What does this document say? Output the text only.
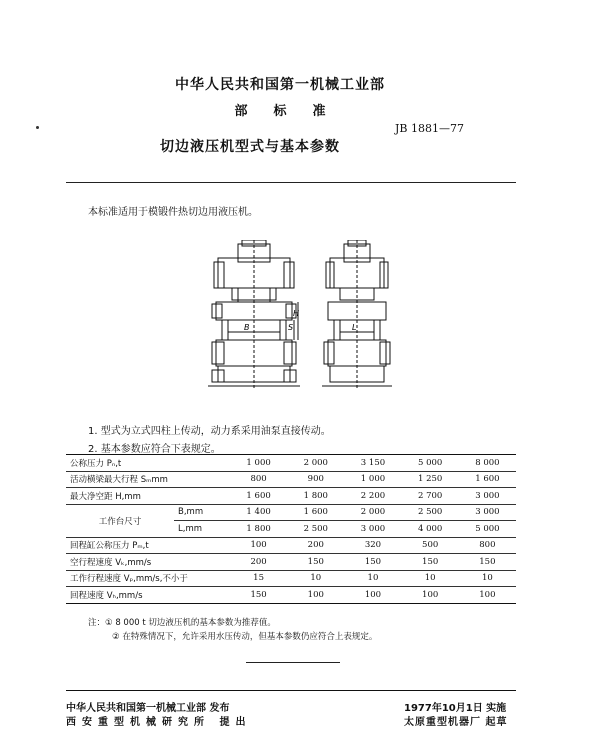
中华人民共和国第一机械工业部
部标准
JB 1881—77
切边液压机型式与基本参数
本标准适用于模锻件热切边用液压机。
B	S
H
L
1. 型式为立式四柱上传动，动力系采用油泵直接传动。
2. 基本参数应符合下表规定。
公称压力 Pₙ,t		1 000	2 000	3 150	5 000	8 000
活动横梁最大行程 Sₘmm		800	900	1 000	1 250	1 600
最大净空距 H,mm		1 600	1 800	2 200	2 700	3 000
工作台尺寸	B,mm	1 400	1 600	2 000	2 500	3 000
	L,mm	1 800	2 500	3 000	4 000	5 000
回程缸公称压力 Pₘ,t		100	200	320	500	800
空行程速度 Vₖ,mm/s		200	150	150	150	150
工作行程速度 Vₚ,mm/s,不小于		15	10	10	10	10
回程速度 Vₕ,mm/s		150	100	100	100	100
注：① 8 000 t 切边液压机的基本参数为推荐值。
② 在特殊情况下，允许采用水压传动，但基本参数仍应符合上表规定。
中华人民共和国第一机械工业部 发布
西安重型机械研究所 提出
1977年10月1日 实施
太原重型机器厂 起草
